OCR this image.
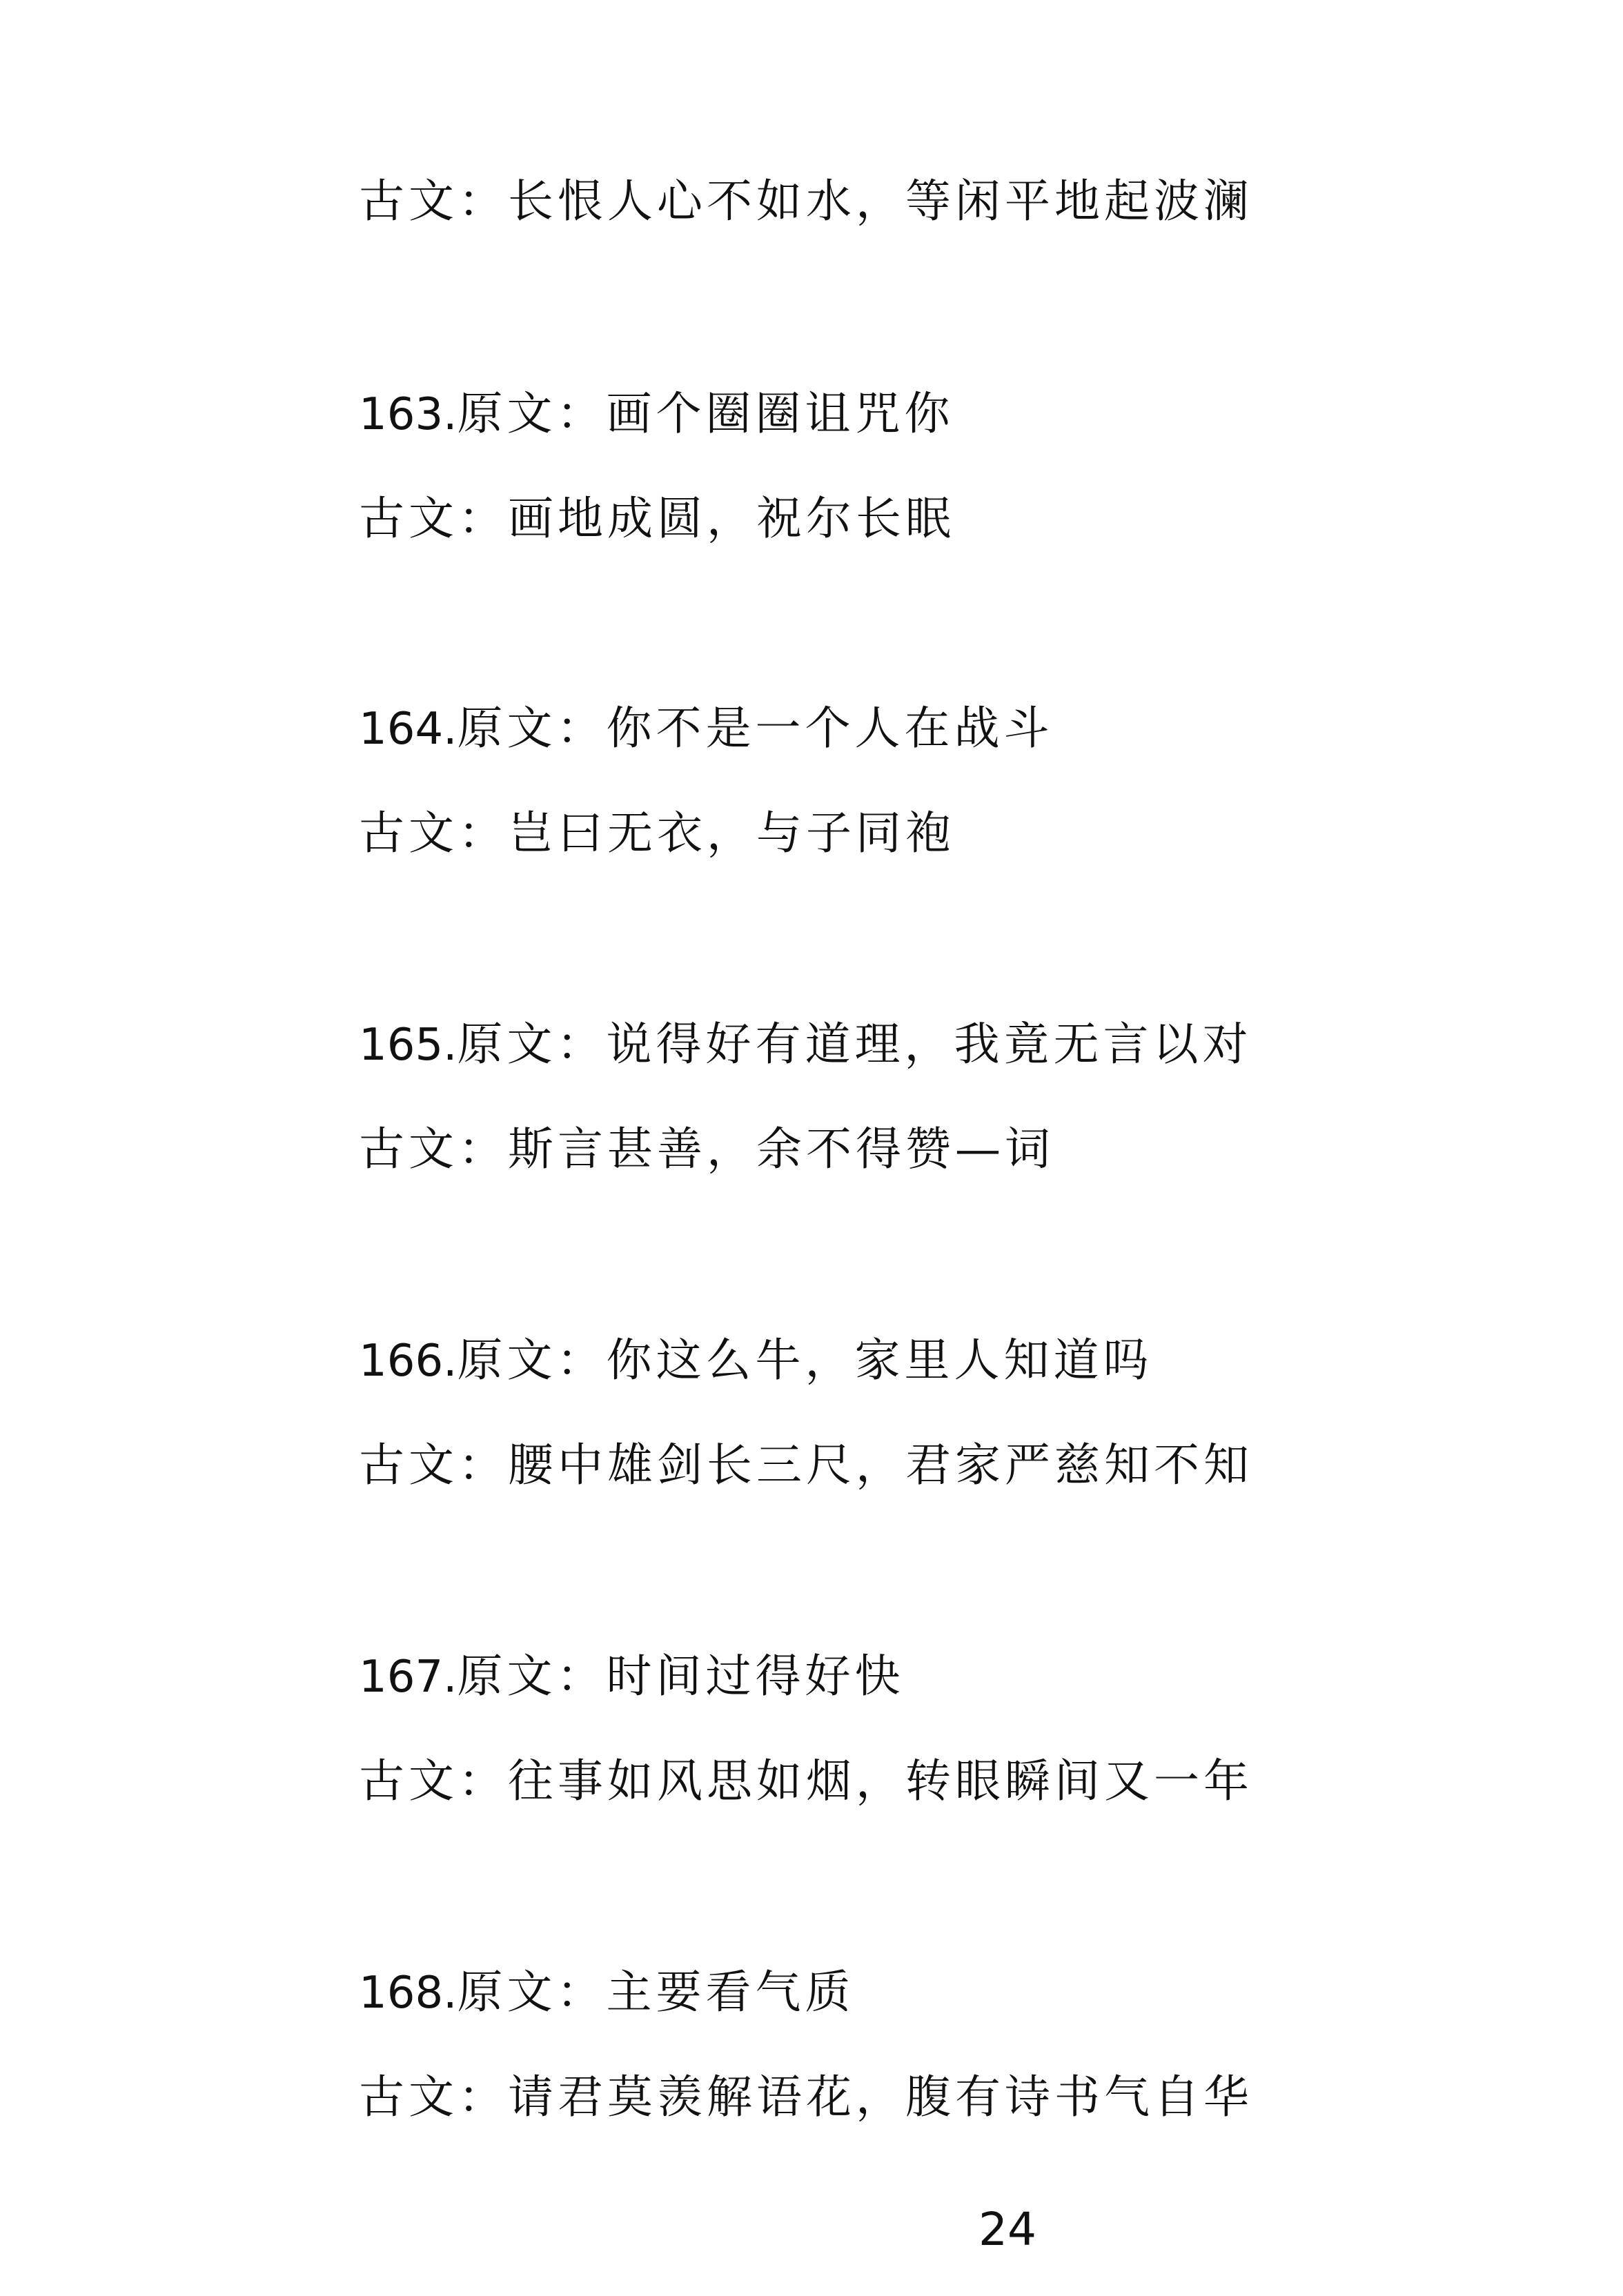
古文：长恨人心不如水，等闲平地起波澜
163.原文：画个圈圈诅咒你
古文：画地成圆，祝尔长眠
164.原文：你不是一个人在战斗
古文：岂曰无衣，与子同袍
165.原文：说得好有道理，我竟无言以对
古文：斯言甚善，余不得赞—词
166.原文：你这么牛，家里人知道吗
古文：腰中雄剑长三尺，君家严慈知不知
167.原文：时间过得好快
古文：往事如风思如烟，转眼瞬间又一年
168.原文：主要看气质
古文：请君莫羡解语花，腹有诗书气自华
24
